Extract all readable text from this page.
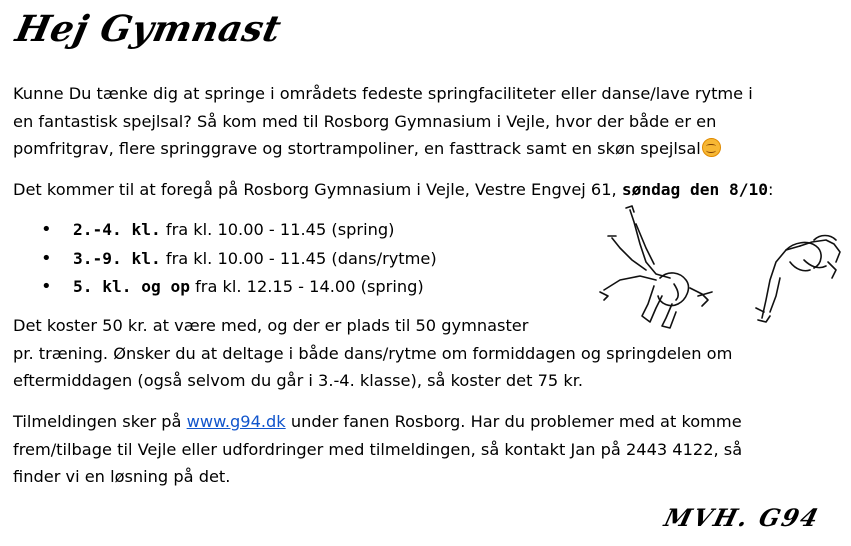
Hej Gymnast

Kunne Du tænke dig at springe i områdets fedeste springfaciliteter eller danse/lave rytme i
en fantastisk spejlsal? Så kom med til Rosborg Gymnasium i Vejle, hvor der både er en
pomfritgrav, flere springgrave og stortrampoliner, en fasttrack samt en skøn spejlsal

Det kommer til at foregå på Rosborg Gymnasium i Vejle, Vestre Engvej 61, søndag den 8/10:

• 2.-4. kl. fra kl. 10.00 - 11.45 (spring)
• 3.-9. kl. fra kl. 10.00 - 11.45 (dans/rytme)
• 5. kl. og op fra kl. 12.15 - 14.00 (spring)

Det koster 50 kr. at være med, og der er plads til 50 gymnaster
pr. træning. Ønsker du at deltage i både dans/rytme om formiddagen og springdelen om
eftermiddagen (også selvom du går i 3.-4. klasse), så koster det 75 kr.

Tilmeldingen sker på www.g94.dk under fanen Rosborg. Har du problemer med at komme
frem/tilbage til Vejle eller udfordringer med tilmeldingen, så kontakt Jan på 2443 4122, så
finder vi en løsning på det.

MVH. G94
